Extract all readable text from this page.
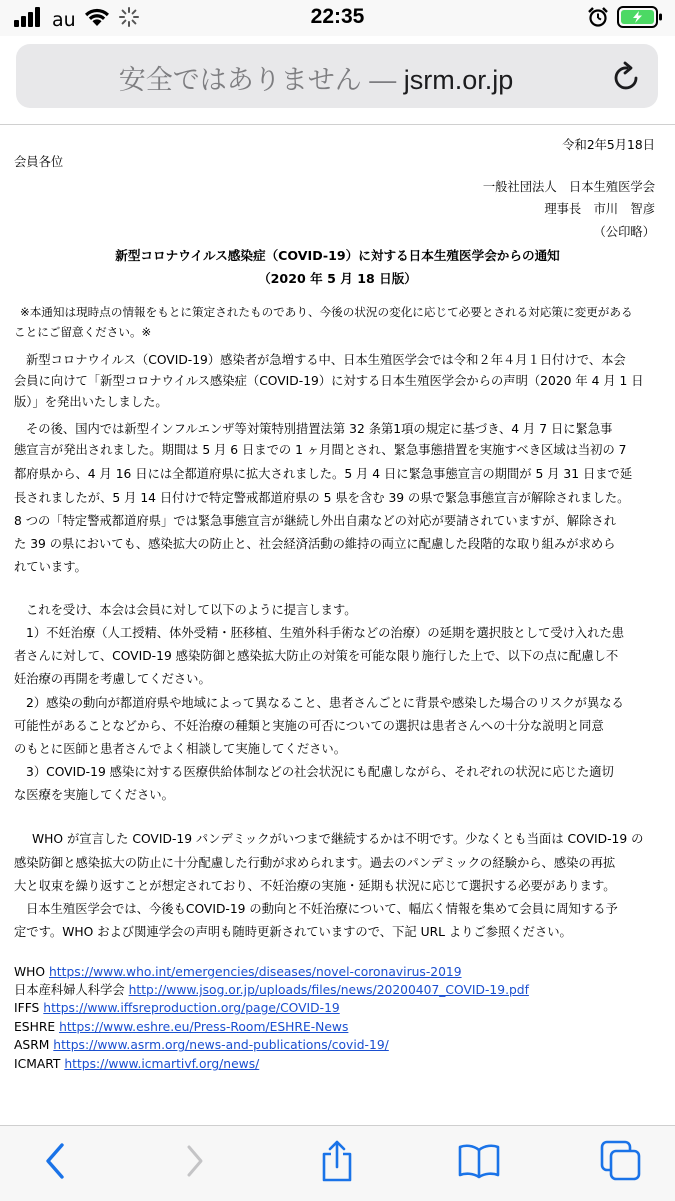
au	22:35
安全ではありません — jsrm.or.jp
令和2年5月18日
会員各位
一般社団法人　日本生殖医学会
理事長　市川　智彦
（公印略）
新型コロナウイルス感染症（COVID-19）に対する日本生殖医学会からの通知
（2020 年 5 月 18 日版）
※本通知は現時点の情報をもとに策定されたものであり、今後の状況の変化に応じて必要とされる対応策に変更がある
ことにご留意ください。※
新型コロナウイルス（COVID-19）感染者が急増する中、日本生殖医学会では令和２年４月１日付けで、本会
会員に向けて「新型コロナウイルス感染症（COVID-19）に対する日本生殖医学会からの声明（2020 年 4 月 1 日
版）」を発出いたしました。
その後、国内では新型インフルエンザ等対策特別措置法第 32 条第1項の規定に基づき、4 月 7 日に緊急事
態宣言が発出されました。期間は 5 月 6 日までの 1 ヶ月間とされ、緊急事態措置を実施すべき区域は当初の 7
都府県から、4 月 16 日には全都道府県に拡大されました。5 月 4 日に緊急事態宣言の期間が 5 月 31 日まで延
長されましたが、5 月 14 日付けで特定警戒都道府県の 5 県を含む 39 の県で緊急事態宣言が解除されました。
8 つの「特定警戒都道府県」では緊急事態宣言が継続し外出自粛などの対応が要請されていますが、解除され
た 39 の県においても、感染拡大の防止と、社会経済活動の維持の両立に配慮した段階的な取り組みが求めら
れています。
これを受け、本会は会員に対して以下のように提言します。
1）不妊治療（人工授精、体外受精・胚移植、生殖外科手術などの治療）の延期を選択肢として受け入れた患
者さんに対して、COVID-19 感染防御と感染拡大防止の対策を可能な限り施行した上で、以下の点に配慮し不
妊治療の再開を考慮してください。
2）感染の動向が都道府県や地域によって異なること、患者さんごとに背景や感染した場合のリスクが異なる
可能性があることなどから、不妊治療の種類と実施の可否についての選択は患者さんへの十分な説明と同意
のもとに医師と患者さんでよく相談して実施してください。
3）COVID-19 感染に対する医療供給体制などの社会状況にも配慮しながら、それぞれの状況に応じた適切
な医療を実施してください。
WHO が宣言した COVID-19 パンデミックがいつまで継続するかは不明です。少なくとも当面は COVID-19 の
感染防御と感染拡大の防止に十分配慮した行動が求められます。過去のパンデミックの経験から、感染の再拡
大と収束を繰り返すことが想定されており、不妊治療の実施・延期も状況に応じて選択する必要があります。
日本生殖医学会では、今後もCOVID-19 の動向と不妊治療について、幅広く情報を集めて会員に周知する予
定です。WHO および関連学会の声明も随時更新されていますので、下記 URL よりご参照ください。
WHO https://www.who.int/emergencies/diseases/novel-coronavirus-2019
日本産科婦人科学会 http://www.jsog.or.jp/uploads/files/news/20200407_COVID-19.pdf
IFFS https://www.iffsreproduction.org/page/COVID-19
ESHRE https://www.eshre.eu/Press-Room/ESHRE-News
ASRM https://www.asrm.org/news-and-publications/covid-19/
ICMART https://www.icmartivf.org/news/
